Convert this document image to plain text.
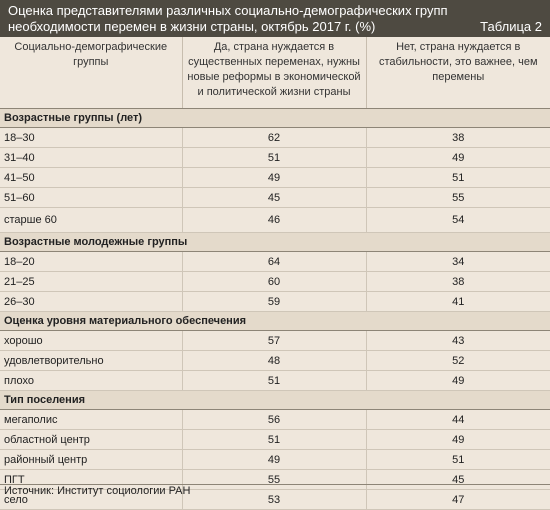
Оценка представителями различных социально-демографических групп
необходимости перемен в жизни страны, октябрь 2017 г. (%)	Таблица 2
Социально-демографические группы	Да, страна нуждается в существенных переменах, нужны новые реформы в экономической и политической жизни страны	Нет, страна нуждается в стабильности, это важнее, чем перемены
Возрастные группы (лет)		
18–30	62	38
31–40	51	49
41–50	49	51
51–60	45	55
старше 60	46	54
Возрастные молодежные группы		
18–20	64	34
21–25	60	38
26–30	59	41
Оценка уровня материального обеспечения		
хорошо	57	43
удовлетворительно	48	52
плохо	51	49
Тип поселения		
мегаполис	56	44
областной центр	51	49
районный центр	49	51
ПГТ	55	45
село	53	47
Источник: Институт социологии РАН
